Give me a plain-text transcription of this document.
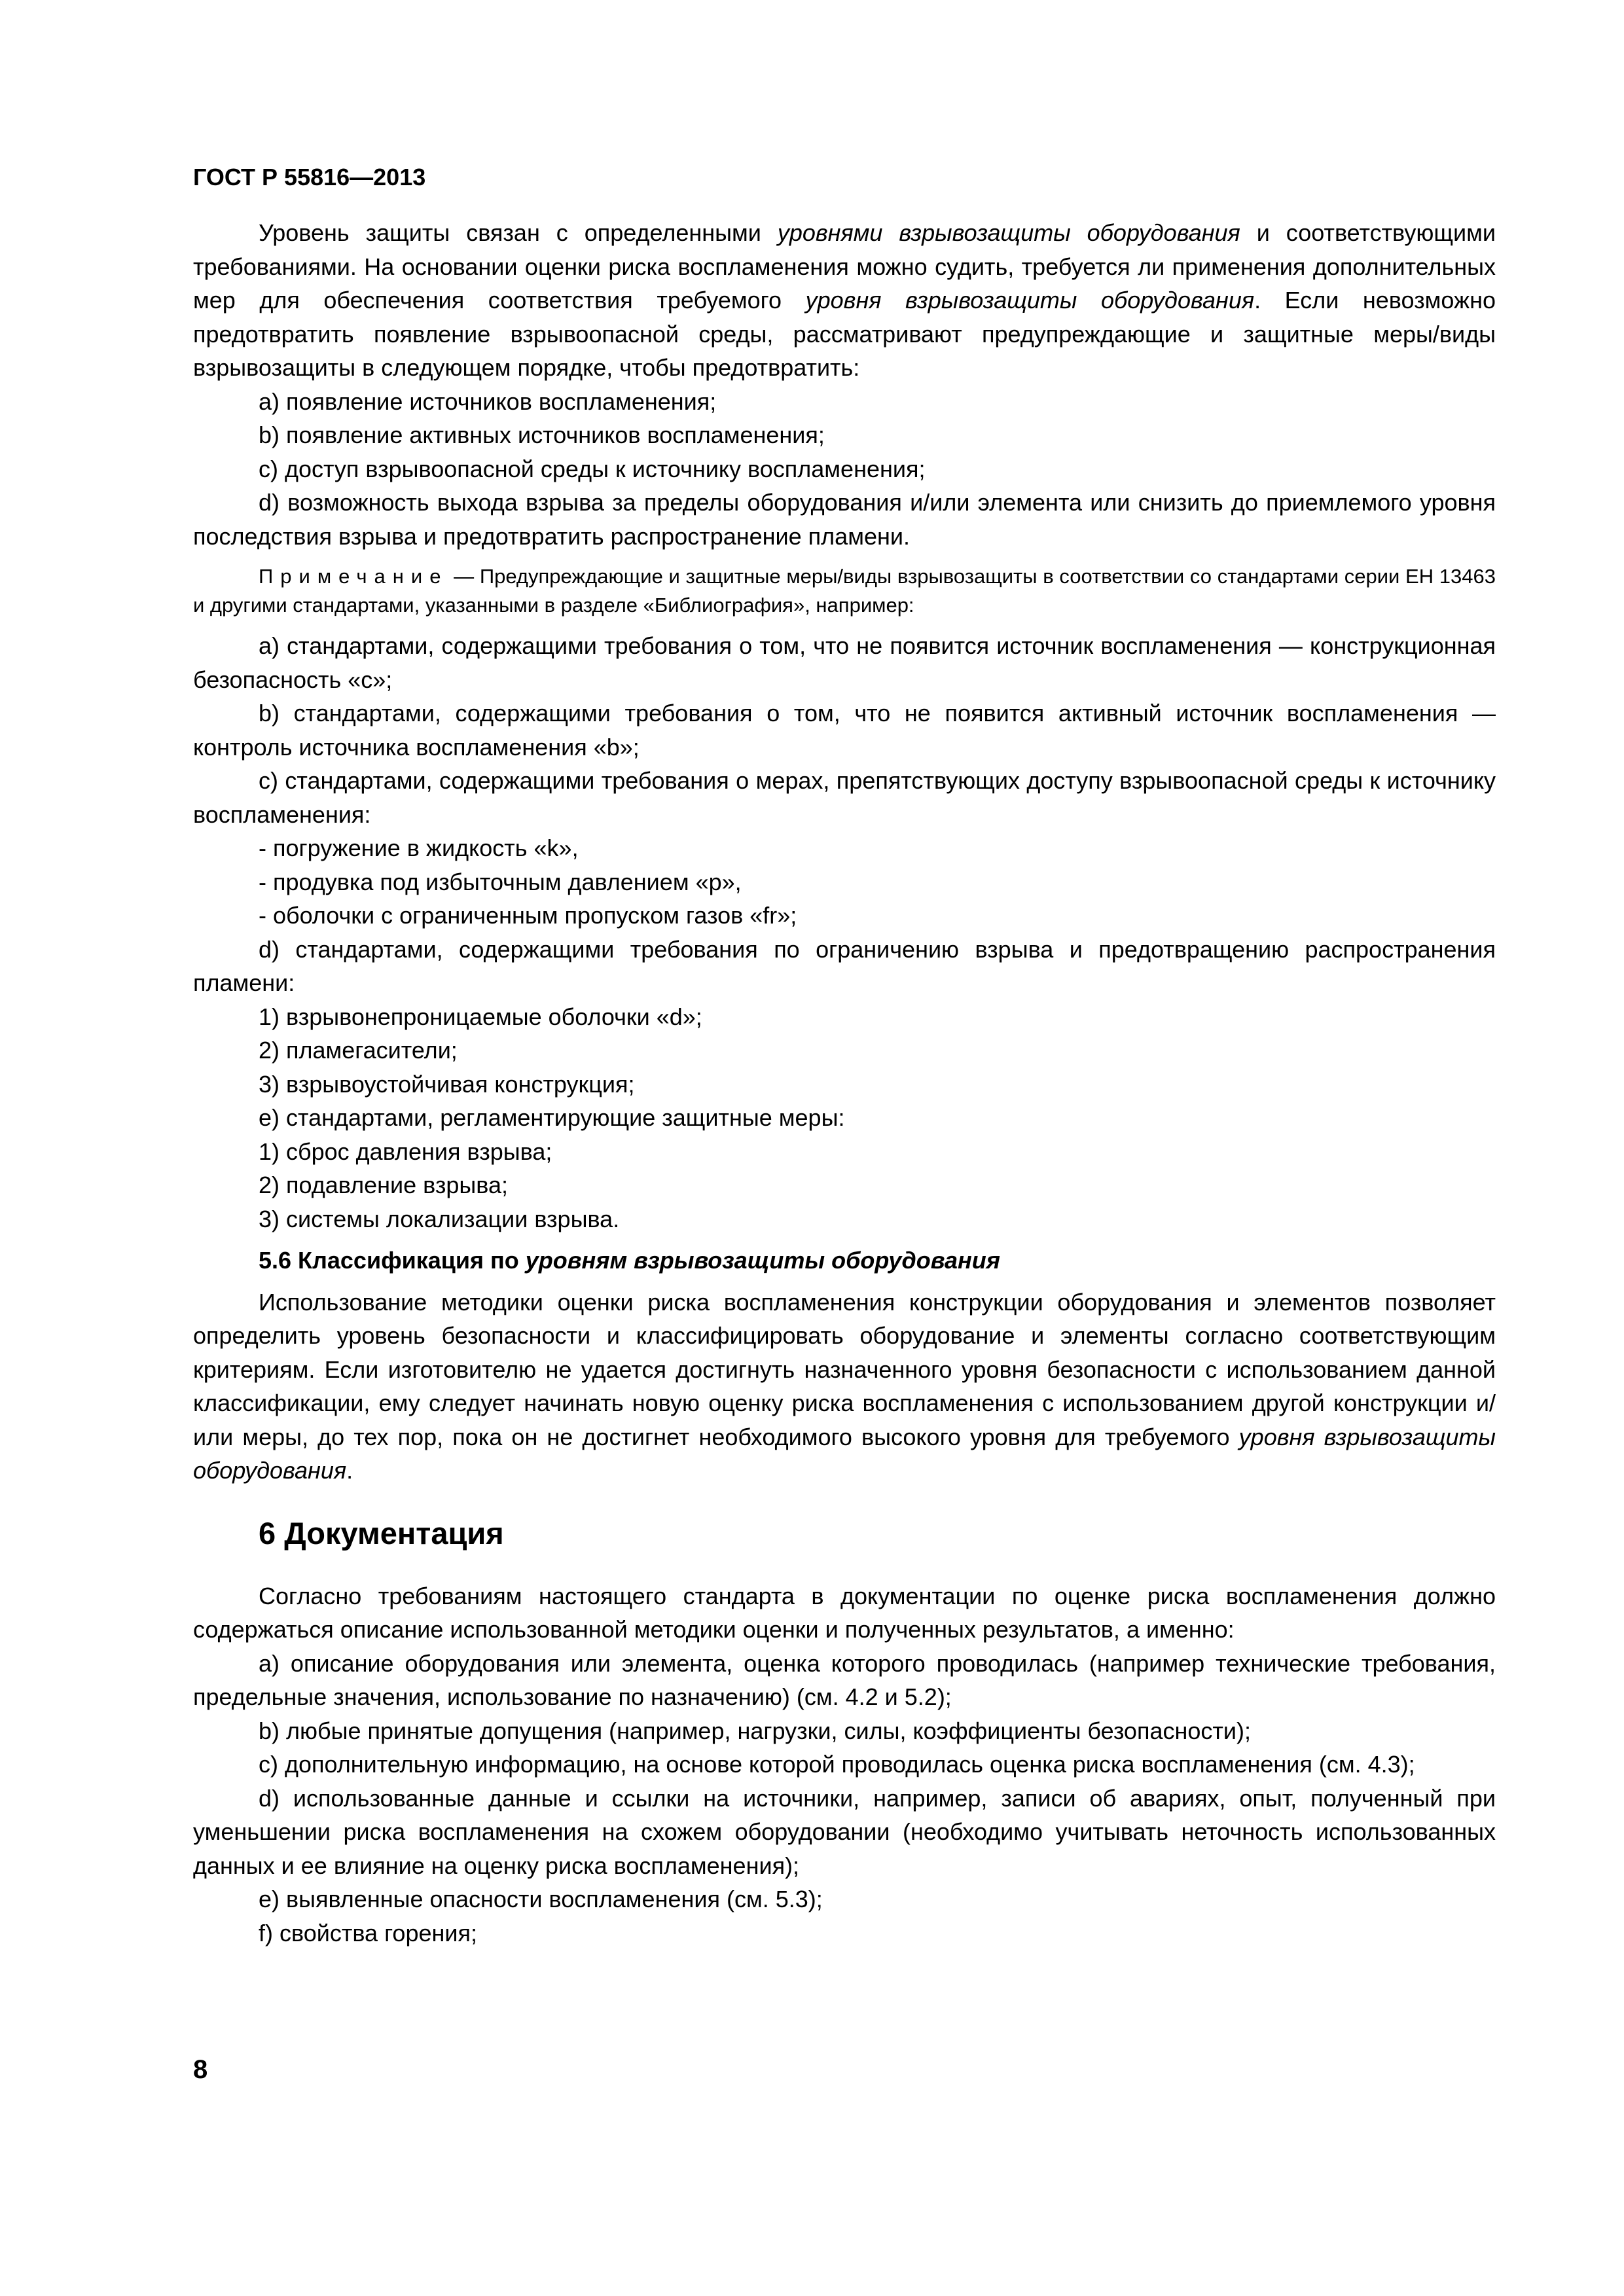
ГОСТ Р 55816—2013

Уровень защиты связан с определенными уровнями взрывозащиты оборудования и соответствующими требованиями. На основании оценки риска воспламенения можно судить, требуется ли применения дополнительных мер для обеспечения соответствия требуемого уровня взрывозащиты оборудования. Если невозможно предотвратить появление взрывоопасной среды, рассматривают предупреждающие и защитные меры/виды взрывозащиты в следующем порядке, чтобы предотвратить:

a) появление источников воспламенения;

b) появление активных источников воспламенения;

c) доступ взрывоопасной среды к источнику воспламенения;

d) возможность выхода взрыва за пределы оборудования и/или элемента или снизить до приемлемого уровня последствия взрыва и предотвратить распространение пламени.

Примечание — Предупреждающие и защитные меры/виды взрывозащиты в соответствии со стандартами серии ЕН 13463 и другими стандартами, указанными в разделе «Библиография», например:

a) стандартами, содержащими требования о том, что не появится источник воспламенения — конструкционная безопасность «c»;

b) стандартами, содержащими требования о том, что не появится активный источник воспламенения — контроль источника воспламенения «b»;

c) стандартами, содержащими требования о мерах, препятствующих доступу взрывоопасной среды к источнику воспламенения:

- погружение в жидкость «k»,

- продувка под избыточным давлением «p»,

- оболочки с ограниченным пропуском газов «fr»;

d) стандартами, содержащими требования по ограничению взрыва и предотвращению распространения пламени:

1) взрывонепроницаемые оболочки «d»;

2) пламегасители;

3) взрывоустойчивая конструкция;

e) стандартами, регламентирующие защитные меры:

1) сброс давления взрыва;

2) подавление взрыва;

3) системы локализации взрыва.

5.6 Классификация по уровням взрывозащиты оборудования

Использование методики оценки риска воспламенения конструкции оборудования и элементов позволяет определить уровень безопасности и классифицировать оборудование и элементы согласно соответствующим критериям. Если изготовителю не удается достигнуть назначенного уровня безопасности с использованием данной классификации, ему следует начинать новую оценку риска воспламенения с использованием другой конструкции и/или меры, до тех пор, пока он не достигнет необходимого высокого уровня для требуемого уровня взрывозащиты оборудования.

6 Документация

Согласно требованиям настоящего стандарта в документации по оценке риска воспламенения должно содержаться описание использованной методики оценки и полученных результатов, а именно:

a) описание оборудования или элемента, оценка которого проводилась (например технические требования, предельные значения, использование по назначению) (см. 4.2 и 5.2);

b) любые принятые допущения (например, нагрузки, силы, коэффициенты безопасности);

c) дополнительную информацию, на основе которой проводилась оценка риска воспламенения (см. 4.3);

d) использованные данные и ссылки на источники, например, записи об авариях, опыт, полученный при уменьшении риска воспламенения на схожем оборудовании (необходимо учитывать неточность использованных данных и ее влияние на оценку риска воспламенения);

e) выявленные опасности воспламенения (см. 5.3);

f) свойства горения;

8
